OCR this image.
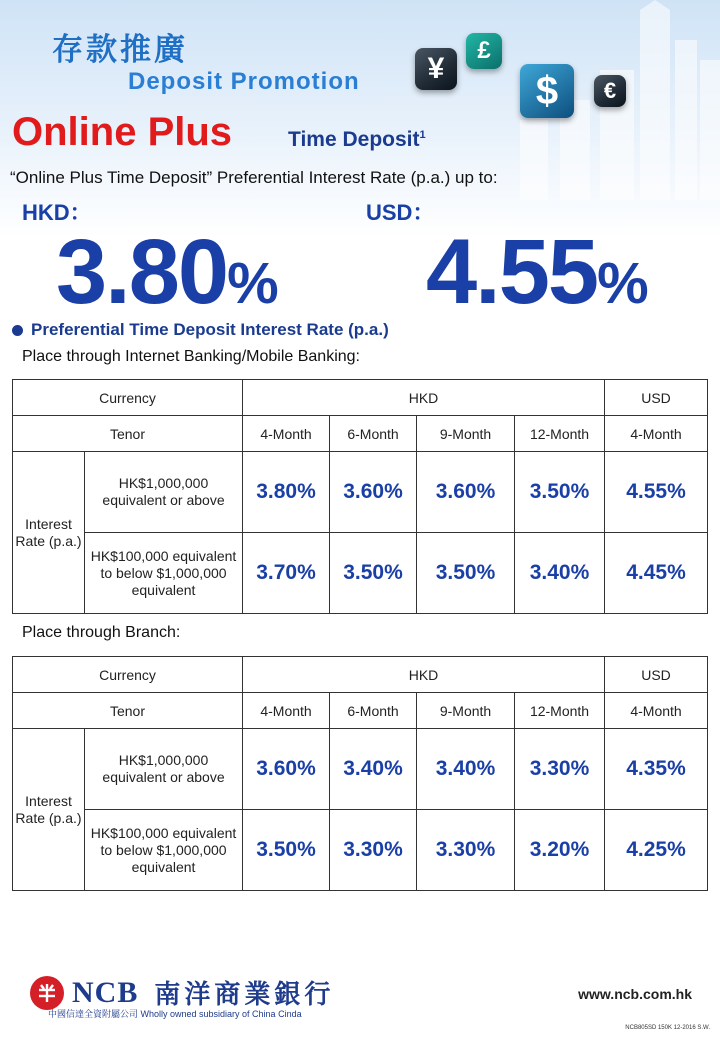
存款推廣
Deposit Promotion ¥
£
$ €
Online Plus	Time Deposit$^1$
“Online Plus Time Deposit” Preferential Interest Rate (p.a.) up to:
HKD：
3.80%
USD：
4.55%
Preferential Time Deposit Interest Rate (p.a.)
Place through Internet Banking/Mobile Banking:
Currency		HKD				USD
Tenor		4-Month	6-Month	9-Month	12-Month	4-Month
Interest Rate (p.a.)	HK$1,000,000 equivalent or above	3.80%	3.60%	3.60%	3.50%	4.55%
	HK$100,000 equivalent to below $1,000,000 equivalent	3.70%	3.50%	3.50%	3.40%	4.45%
Place through Branch:
Currency		HKD				USD
Tenor		4-Month	6-Month	9-Month	12-Month	4-Month
Interest Rate (p.a.)	HK$1,000,000 equivalent or above	3.60%	3.40%	3.40%	3.30%	4.35%
	HK$100,000 equivalent to below $1,000,000 equivalent	3.50%	3.30%	3.30%	3.20%	4.25%
NCB 南洋商業銀行
中國信達全資附屬公司 Wholly owned subsidiary of China Cinda
www.ncb.com.hk
NCB805SD 150K 12-2016 S.W.
